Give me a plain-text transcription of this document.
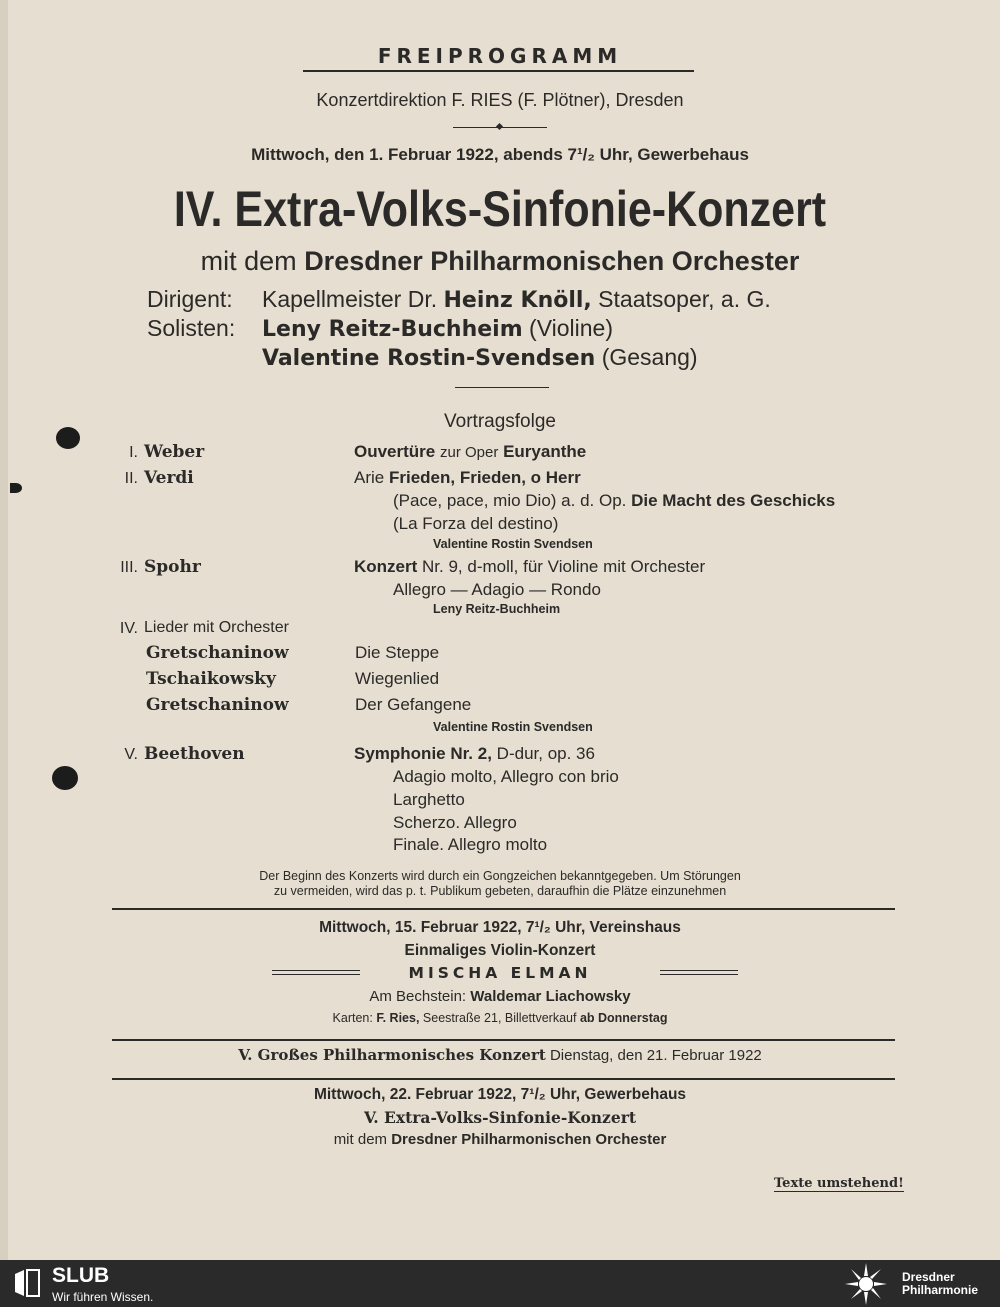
FREIPROGRAMM
Konzertdirektion F. RIES (F. Plötner), Dresden
Mittwoch, den 1. Februar 1922, abends 7¹/₂ Uhr, Gewerbehaus
IV. Extra-Volks-Sinfonie-Konzert
mit dem Dresdner Philharmonischen Orchester
Dirigent: Kapellmeister Dr. Heinz Knöll, Staatsoper, a. G.
Solisten: Leny Reitz-Buchheim (Violine)
Valentine Rostin-Svendsen (Gesang)
Vortragsfolge
I. Weber	Ouvertüre zur Oper Euryanthe
II. Verdi	Arie Frieden, Frieden, o Herr
(Pace, pace, mio Dio) a. d. Op. Die Macht des Geschicks
(La Forza del destino)
Valentine Rostin Svendsen
III. Spohr	Konzert Nr. 9, d-moll, für Violine mit Orchester
Allegro — Adagio — Rondo
Leny Reitz-Buchheim
IV. Lieder mit Orchester
Gretschaninow	Die Steppe
Tschaikowsky	Wiegenlied
Gretschaninow	Der Gefangene
Valentine Rostin Svendsen
V. Beethoven	Symphonie Nr. 2, D-dur, op. 36
Adagio molto, Allegro con brio
Larghetto
Scherzo. Allegro
Finale. Allegro molto
Der Beginn des Konzerts wird durch ein Gongzeichen bekanntgegeben. Um Störungen
zu vermeiden, wird das p. t. Publikum gebeten, daraufhin die Plätze einzunehmen
Mittwoch, 15. Februar 1922, 7¹/₂ Uhr, Vereinshaus
Einmaliges Violin-Konzert
MISCHA ELMAN
Am Bechstein: Waldemar Liachowsky
Karten: F. Ries, Seestraße 21, Billettverkauf ab Donnerstag
V. Großes Philharmonisches Konzert Dienstag, den 21. Februar 1922
Mittwoch, 22. Februar 1922, 7¹/₂ Uhr, Gewerbehaus
V. Extra-Volks-Sinfonie-Konzert
mit dem Dresdner Philharmonischen Orchester
Texte umstehend!
SLUB
Wir führen Wissen.
Dresdner
Philharmonie
